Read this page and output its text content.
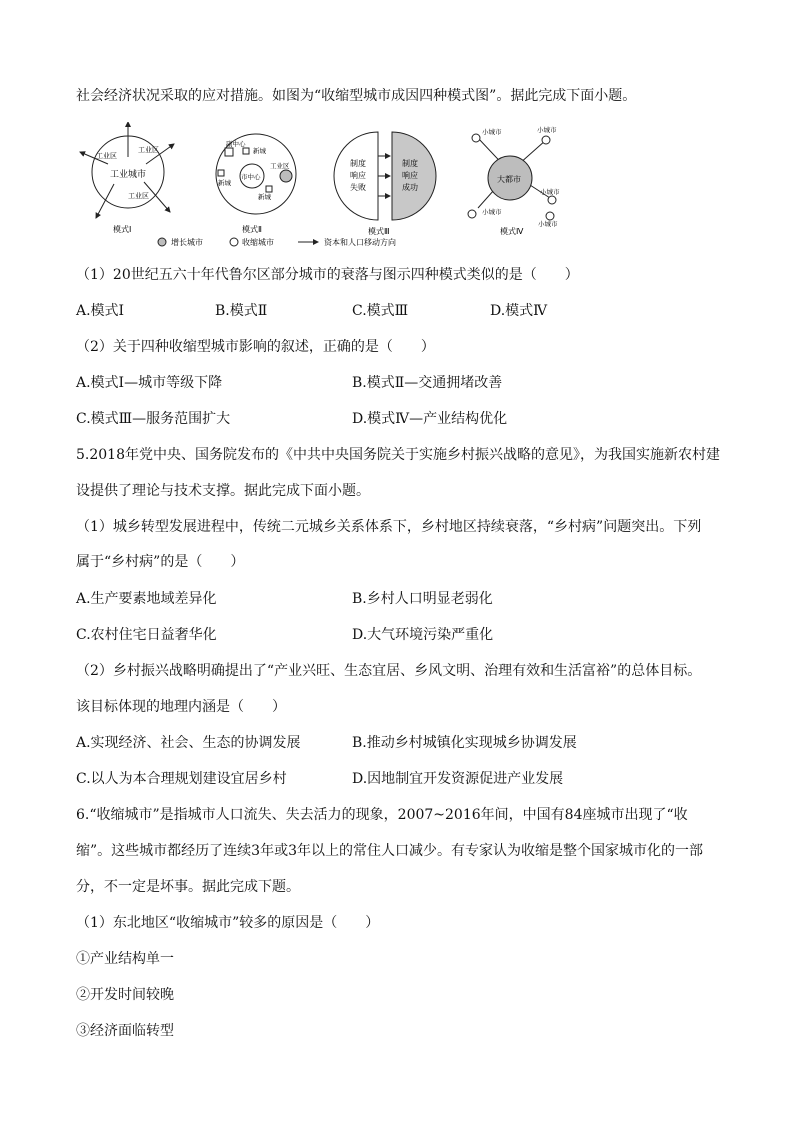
社会经济状况采取的应对措施。如图为“收缩型城市成因四种模式图”。据此完成下面小题。
工业区
工业区
工业区
工业城市
模式Ⅰ
市中心
副中心
新城
新城
新城
工业区
模式Ⅱ
制度
响应
失败
制度
响应
成功
模式Ⅲ
大都市
小城市	小城市
小城市
小城市
小城市
模式Ⅳ
增长城市	收缩城市	资本和人口移动方向
（1）20世纪五六十年代鲁尔区部分城市的衰落与图示四种模式类似的是（　　）
A.模式Ⅰ	B.模式Ⅱ	C.模式Ⅲ	D.模式Ⅳ
（2）关于四种收缩型城市影响的叙述，正确的是（　　）
A.模式Ⅰ—城市等级下降	B.模式Ⅱ—交通拥堵改善
C.模式Ⅲ—服务范围扩大	D.模式Ⅳ—产业结构优化
5.2018年党中央、国务院发布的《中共中央国务院关于实施乡村振兴战略的意见》，为我国实施新农村建
设提供了理论与技术支撑。据此完成下面小题。
（1）城乡转型发展进程中，传统二元城乡关系体系下，乡村地区持续衰落，“乡村病”问题突出。下列
属于“乡村病”的是（　　）
A.生产要素地域差异化	B.乡村人口明显老弱化
C.农村住宅日益奢华化	D.大气环境污染严重化
（2）乡村振兴战略明确提出了“产业兴旺、生态宜居、乡风文明、治理有效和生活富裕”的总体目标。
该目标体现的地理内涵是（　　）
A.实现经济、社会、生态的协调发展	B.推动乡村城镇化实现城乡协调发展
C.以人为本合理规划建设宜居乡村	D.因地制宜开发资源促进产业发展
6.“收缩城市”是指城市人口流失、失去活力的现象，2007~2016年间，中国有84座城市出现了“收
缩”。这些城市都经历了连续3年或3年以上的常住人口减少。有专家认为收缩是整个国家城市化的一部
分，不一定是坏事。据此完成下题。
（1）东北地区“收缩城市”较多的原因是（　　）
①产业结构单一
②开发时间较晚
③经济面临转型
